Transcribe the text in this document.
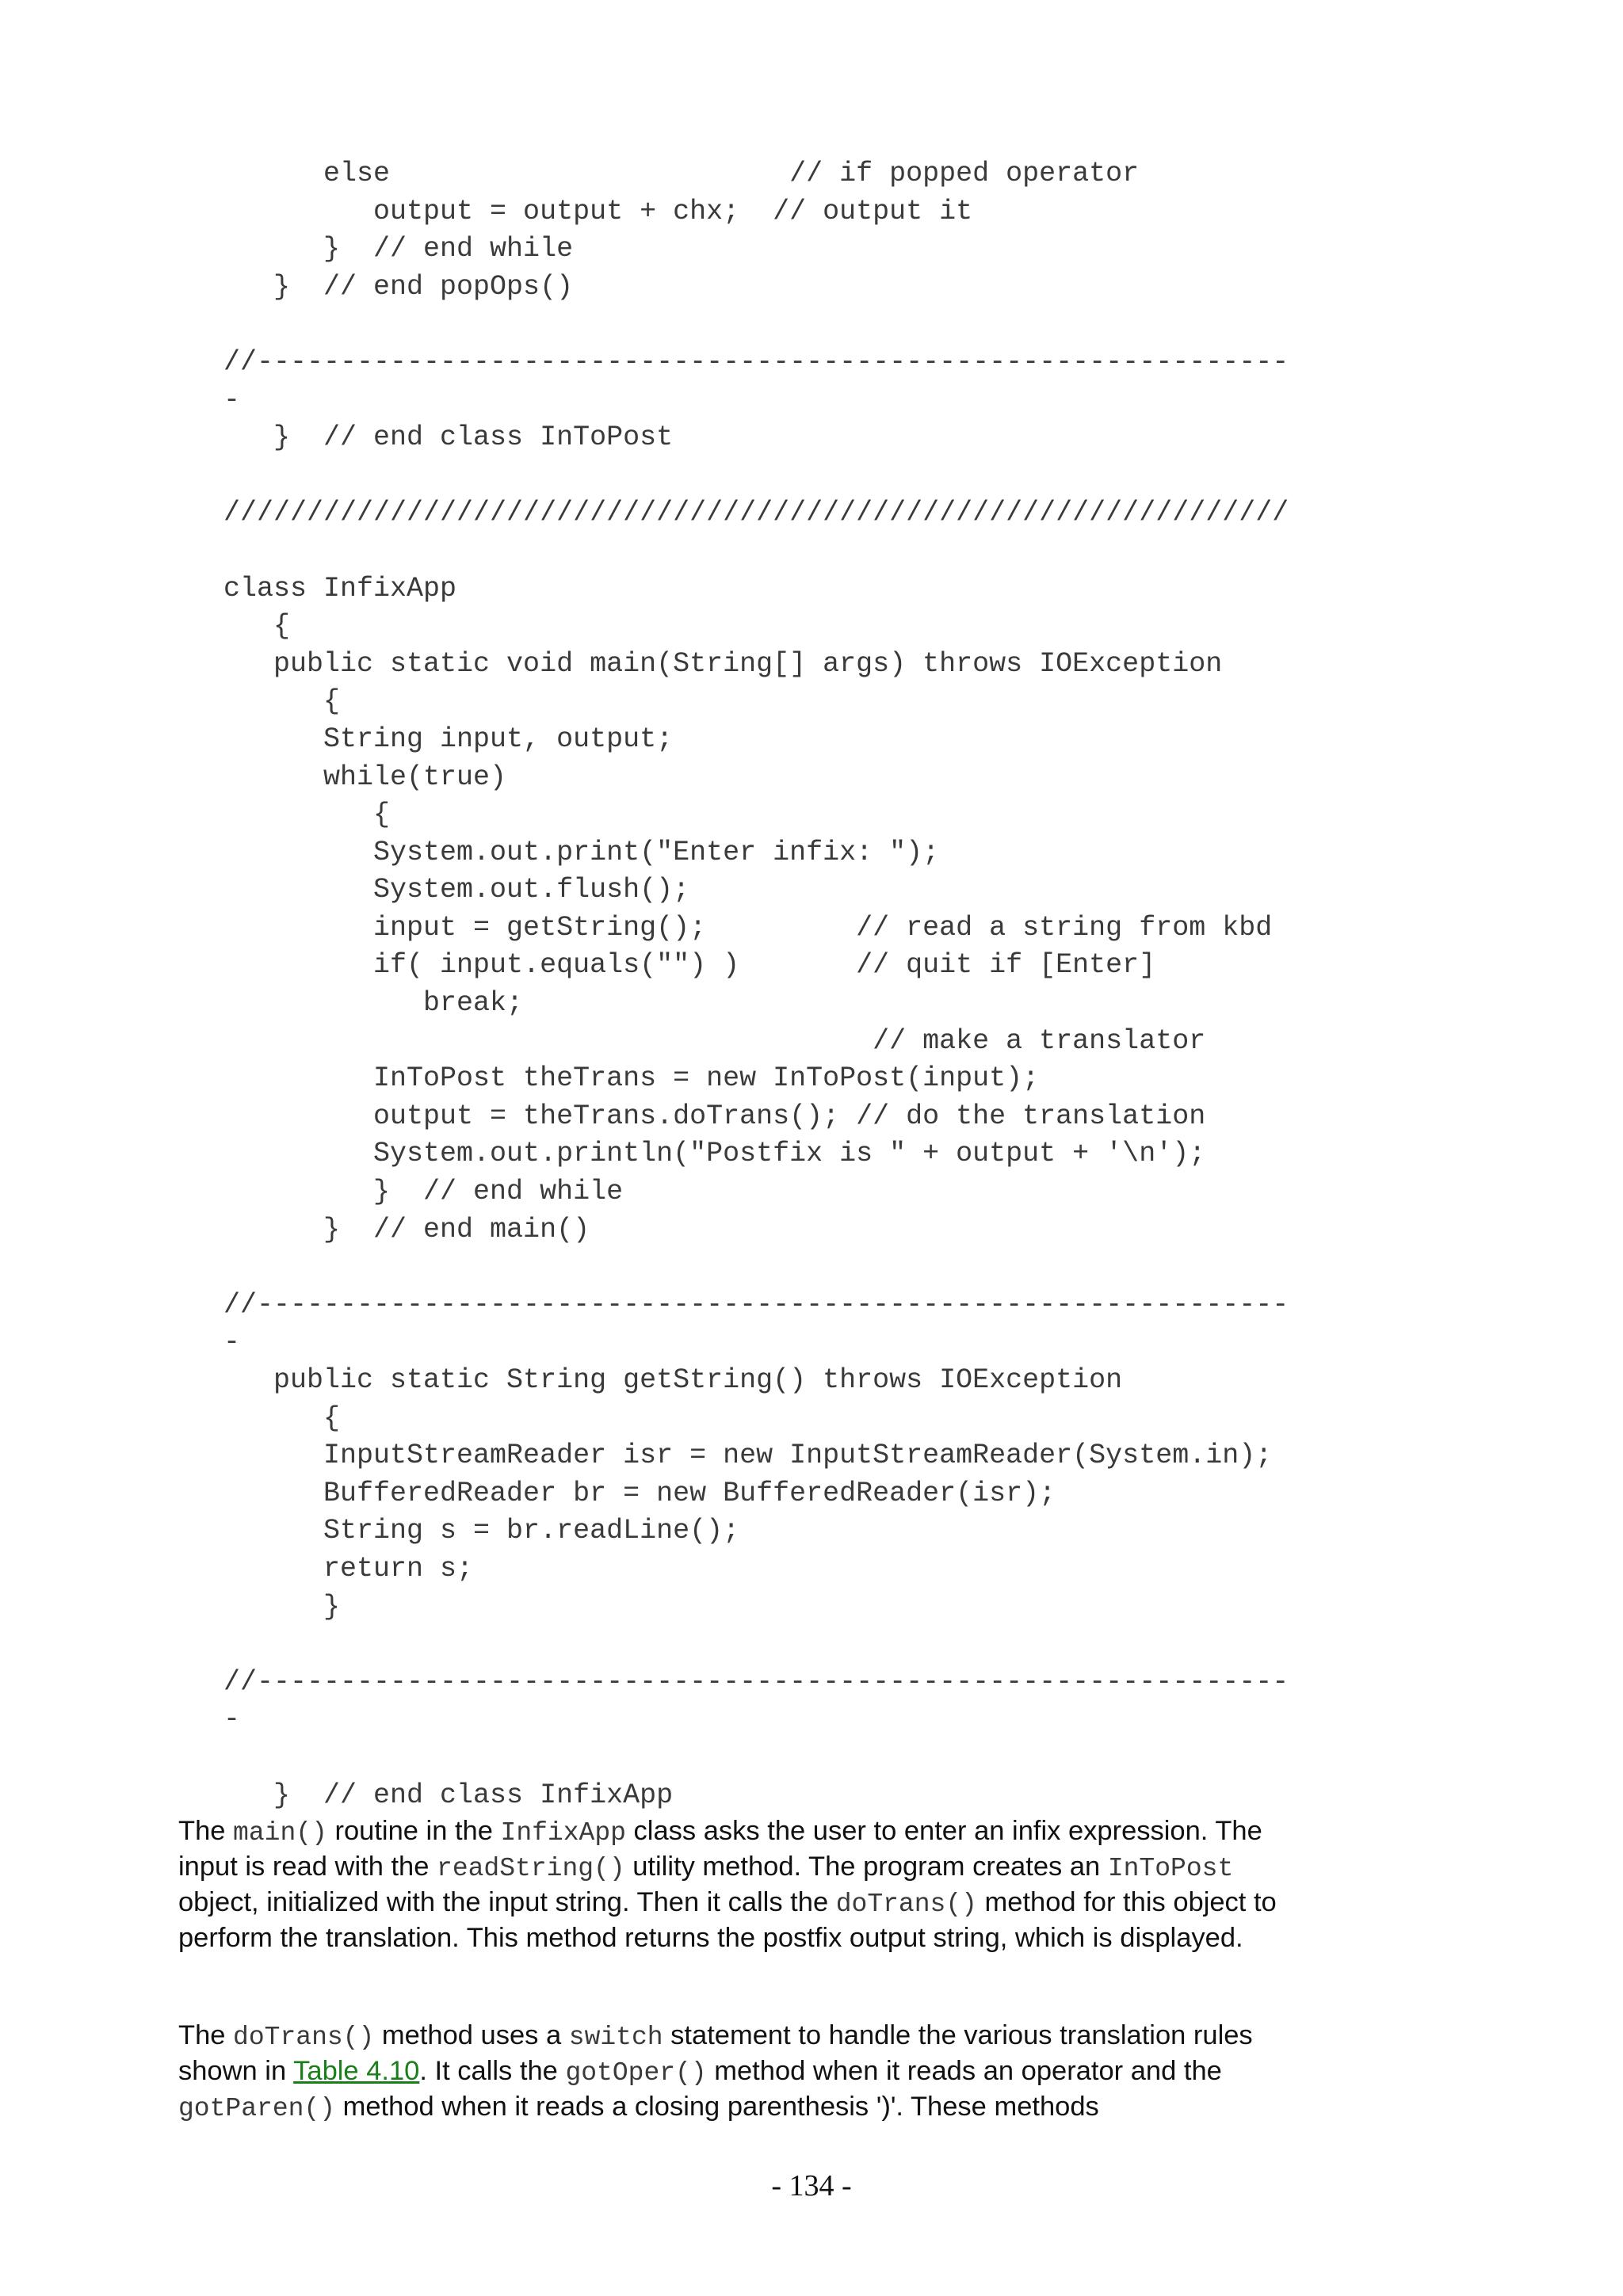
else                        // if popped operator
output = output + chx;  // output it
}  // end while
}  // end popOps()
//--------------------------------------------------------------
-
}  // end class InToPost
////////////////////////////////////////////////////////////////
class InfixApp
{
public static void main(String[] args) throws IOException
{
String input, output;
while(true)
{
System.out.print("Enter infix: ");
System.out.flush();
input = getString();         // read a string from kbd
if( input.equals("") )       // quit if [Enter]
break;
// make a translator
InToPost theTrans = new InToPost(input);
output = theTrans.doTrans(); // do the translation
System.out.println("Postfix is " + output + '\n');
}  // end while
}  // end main()
//--------------------------------------------------------------
-
public static String getString() throws IOException
{
InputStreamReader isr = new InputStreamReader(System.in);
BufferedReader br = new BufferedReader(isr);
String s = br.readLine();
return s;
}
//--------------------------------------------------------------
-
}  // end class InfixApp
The main() routine in the InfixApp class asks the user to enter an infix expression. The input is read with the readString() utility method. The program creates an InToPost object, initialized with the input string. Then it calls the doTrans() method for this object to perform the translation. This method returns the postfix output string, which is displayed.
The doTrans() method uses a switch statement to handle the various translation rules shown in Table 4.10. It calls the gotOper() method when it reads an operator and the gotParen() method when it reads a closing parenthesis ')'. These methods
- 134 -
